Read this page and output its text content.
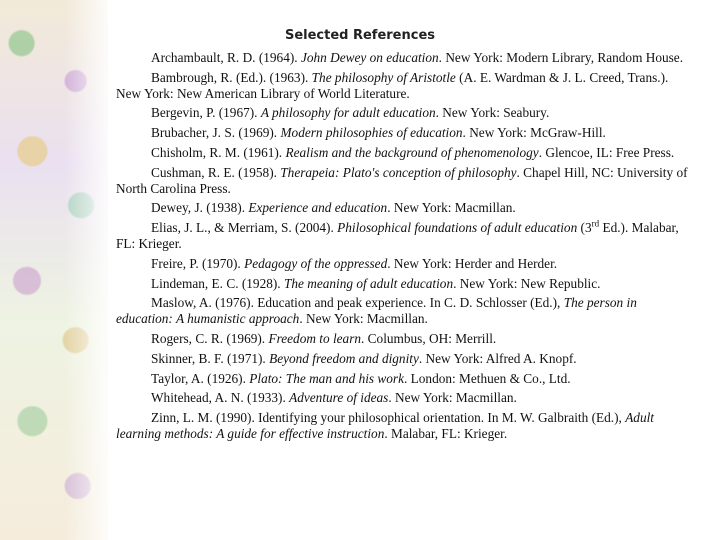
Selected References

Archambault, R. D. (1964). John Dewey on education. New York: Modern Library, Random House.

Bambrough, R. (Ed.). (1963). The philosophy of Aristotle (A. E. Wardman & J. L. Creed, Trans.). New York: New American Library of World Literature.

Bergevin, P. (1967). A philosophy for adult education. New York: Seabury.

Brubacher, J. S. (1969). Modern philosophies of education. New York: McGraw-Hill.

Chisholm, R. M. (1961). Realism and the background of phenomenology. Glencoe, IL: Free Press.

Cushman, R. E. (1958). Therapeia: Plato's conception of philosophy. Chapel Hill, NC: University of North Carolina Press.

Dewey, J. (1938). Experience and education. New York: Macmillan.

Elias, J. L., & Merriam, S. (2004). Philosophical foundations of adult education (3rd Ed.). Malabar, FL: Krieger.

Freire, P. (1970). Pedagogy of the oppressed. New York: Herder and Herder.

Lindeman, E. C. (1928). The meaning of adult education. New York: New Republic.

Maslow, A. (1976). Education and peak experience. In C. D. Schlosser (Ed.), The person in education: A humanistic approach. New York: Macmillan.

Rogers, C. R. (1969). Freedom to learn. Columbus, OH: Merrill.

Skinner, B. F. (1971). Beyond freedom and dignity. New York: Alfred A. Knopf.

Taylor, A. (1926). Plato: The man and his work. London: Methuen & Co., Ltd.

Whitehead, A. N. (1933). Adventure of ideas. New York: Macmillan.

Zinn, L. M. (1990). Identifying your philosophical orientation. In M. W. Galbraith (Ed.), Adult learning methods: A guide for effective instruction. Malabar, FL: Krieger.
